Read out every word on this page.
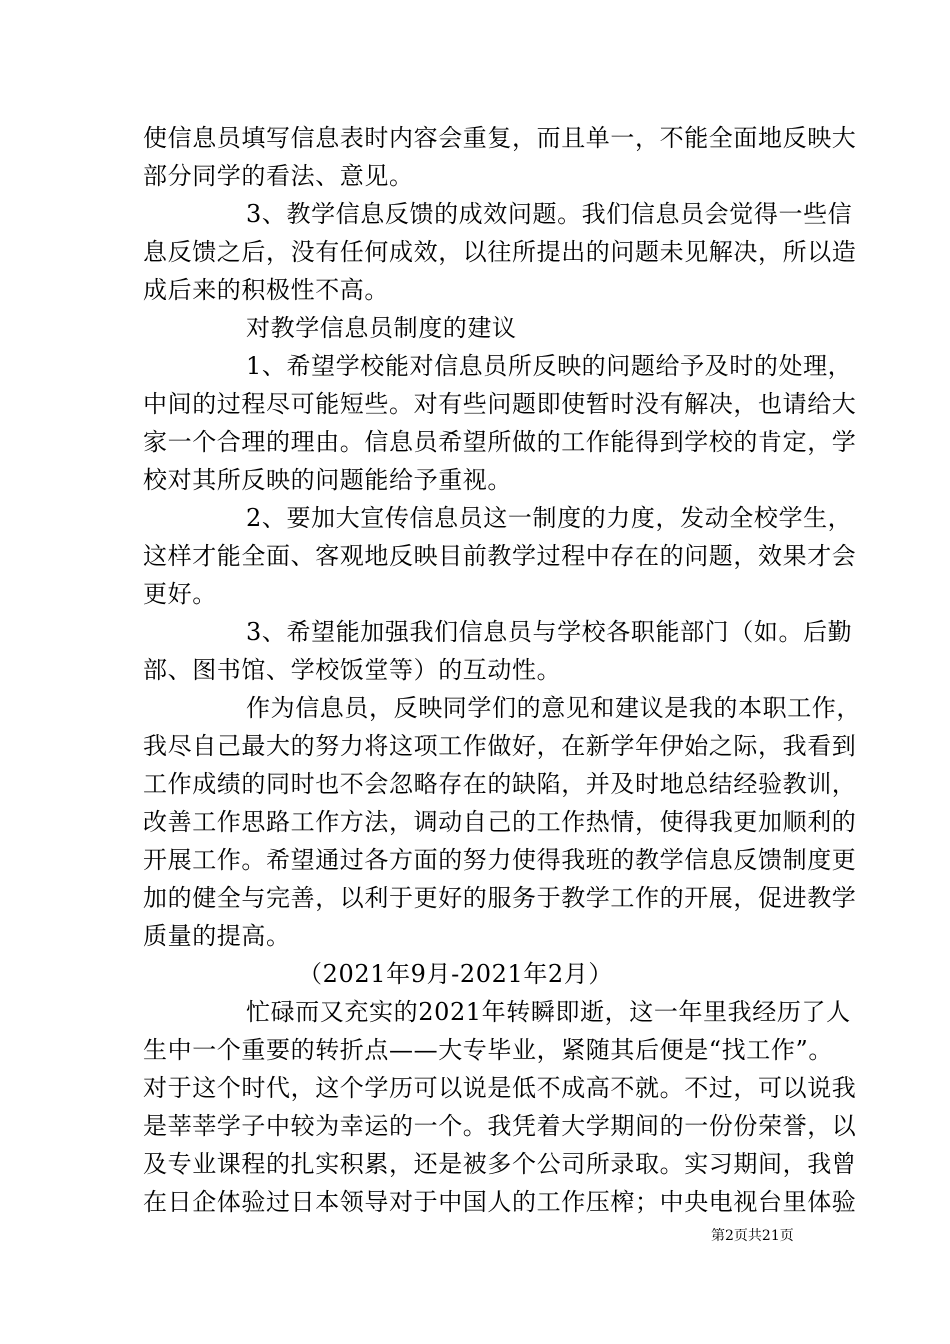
使信息员填写信息表时内容会重复，而且单一，不能全面地反映大
部分同学的看法、意见。
3、教学信息反馈的成效问题。我们信息员会觉得一些信
息反馈之后，没有任何成效，以往所提出的问题未见解决，所以造
成后来的积极性不高。
对教学信息员制度的建议
1、希望学校能对信息员所反映的问题给予及时的处理，
中间的过程尽可能短些。对有些问题即使暂时没有解决，也请给大
家一个合理的理由。信息员希望所做的工作能得到学校的肯定，学
校对其所反映的问题能给予重视。
2、要加大宣传信息员这一制度的力度，发动全校学生，
这样才能全面、客观地反映目前教学过程中存在的问题，效果才会
更好。
3、希望能加强我们信息员与学校各职能部门（如。后勤
部、图书馆、学校饭堂等）的互动性。
作为信息员，反映同学们的意见和建议是我的本职工作，
我尽自己最大的努力将这项工作做好，在新学年伊始之际，我看到
工作成绩的同时也不会忽略存在的缺陷，并及时地总结经验教训，
改善工作思路工作方法，调动自己的工作热情，使得我更加顺利的
开展工作。希望通过各方面的努力使得我班的教学信息反馈制度更
加的健全与完善，以利于更好的服务于教学工作的开展，促进教学
质量的提高。
（2021年9月-2021年2月）
忙碌而又充实的2021年转瞬即逝，这一年里我经历了人
生中一个重要的转折点——大专毕业，紧随其后便是“找工作”。
对于这个时代，这个学历可以说是低不成高不就。不过，可以说我
是莘莘学子中较为幸运的一个。我凭着大学期间的一份份荣誉，以
及专业课程的扎实积累，还是被多个公司所录取。实习期间，我曾
在日企体验过日本领导对于中国人的工作压榨；中央电视台里体验
第2页共21页
